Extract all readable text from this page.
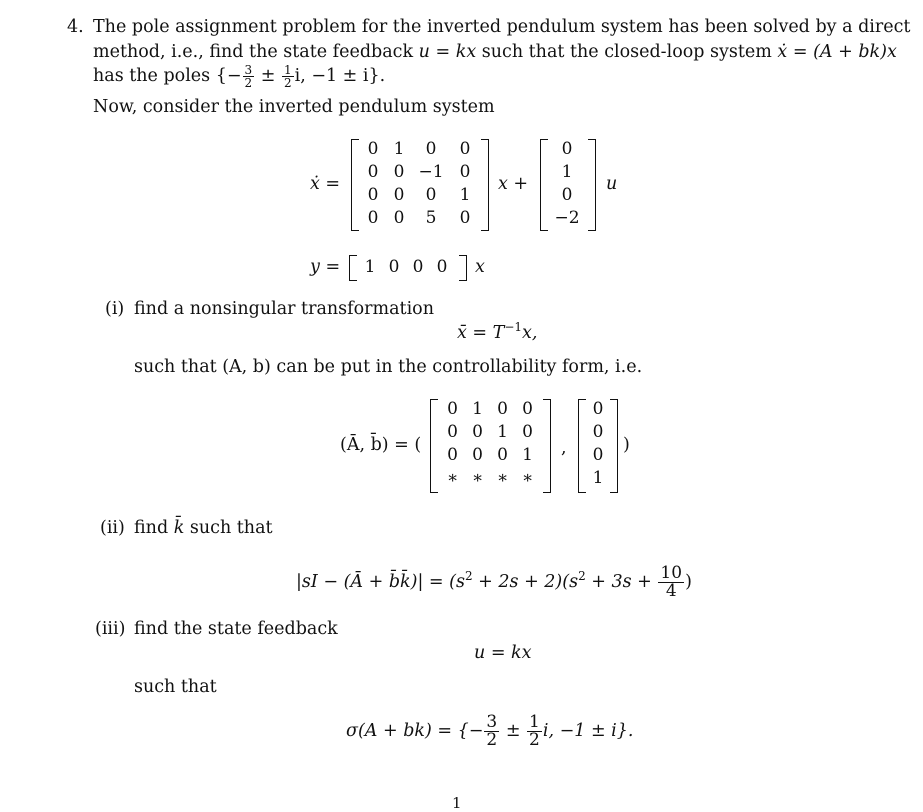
4. The pole assignment problem for the inverted pendulum system has been solved by a direct
method, i.e., find the state feedback u = kx such that the closed-loop system ẋ = (A + bk)x
has the poles {− $\frac{3}{2} \pm \frac{1}{2} i$, −1 ± i}.
Now, consider the inverted pendulum system
ẋ =
0	1	0	0
0	0	−1	0
0	0	0	1
0	0	5	0
x +
0
1
0
−2
u
y = 1	0	0	0 x
(i) find a nonsingular transformation
x̄ = $T^{-1}x$,
such that (A, b) can be put in the controllability form, i.e.
(Ā, b̄) = (
0	1	0	0
0	0	1	0
0	0	0	1
∗	∗	∗	∗
,
0
0
0
1
)
(ii) find k̄ such that
|sI − (Ā + b̄k̄)| = $(s^2 + 2s + 2)(s^2 + 3s + \frac{10}{4}$ )
(iii) find the state feedback
u = kx
such that
σ(A + bk) = {− $\frac{3}{2} \pm \frac{1}{2} i$, −1 ± i}.
1
